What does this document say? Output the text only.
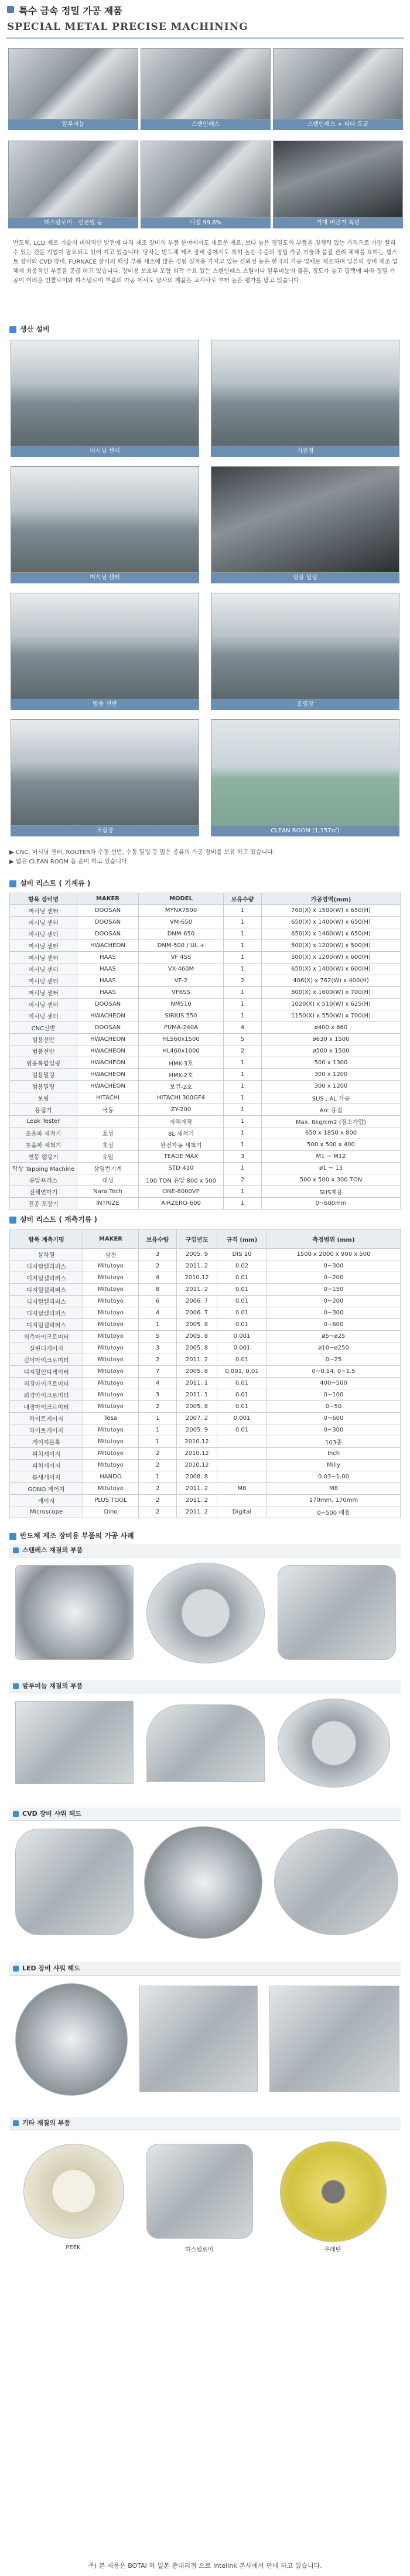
특수 금속 정밀 가공 제품
SPECIAL METAL PRECISE MACHINING
알루미늄	스텐인레스	스텐인레스 + 티타 도금
테스탈로이 - 인콘넬 등	니켈 99.6%	거대 버금거 폭넘
반도체, LCD 제조 기술의 비약적인 발전에 따라 제조 장비의 부품 분야에서도 새로운 재료, 보다 높은 정밀도의 부품을 경쟁력 있는 가격으로 가장 빨리 수 있는 전문 기업이 필요되고 있어 지고 있습니다. 당사는 반도체 제조 장비 중에서도 특히 높은 수준의 정밀 가공 기술과 품질 관리 체제를 요하는 챔스트 장비와 CVD 장비, FURNACE 장비의 핵심 부품 제조에 많은 경험 실적을 가지고 있는 신뢰성 높은 한국의 가공 업체로 제조하며 일본의 장비 제조 업체에 최종적인 부품을 공급 하고 있습니다. 장비용 보호부 포함 외곽 수요 있는 스텐인레스 스틸이나 알루미늄의 물론, 정도가 높고 광택에 따라 정밀 가공이 어려운 인콜로이와 하스텔로이 부품의 가공 에서도 당사의 제품은 고객사로 부터 높은 평가를 받고 있습니다.
생산 설비
머시닝 센터	거공정
머시닝 센터	범용 밀링
범용 선반	조립장
조립장	CLEAN ROOM (1,157㎡)
▶ CNC, 머시닝 센터, ROUTER와 수동 선반, 수동 밀링 등 많은 종류의 가공 장비를 보유 하고 있습니다.
▶ 넓은 CLEAN ROOM 을 준비 하고 있습니다.
설비 리스트 ( 기계류 )
항목 장비명	MAKER	MODEL	보유수량	가공영역(mm)
머시닝 센터	DOOSAN	MYNX7500	1	760(X) x 1500(W) x 650(H)
머시닝 센터	DOOSAN	VM-650	1	650(X) x 1400(W) x 650(H)
머시닝 센터	DOOSAN	DNM-650	1	650(X) x 1400(W) x 650(H)
머시닝 센터	HWACHEON	DNM-500 / UL +	1	500(X) x 1200(W) x 500(H)
머시닝 센터	HAAS	VF 4SS	1	500(X) x 1200(W) x 600(H)
머시닝 센터	HAAS	VX-460M	1	650(X) x 1400(W) x 600(H)
머시닝 센터	HAAS	VF-2	2	406(X) x 762(W) x 400(H)
머시닝 센터	HAAS	VF6SS	1	800(X) x 1600(W) x 700(H)
머시닝 센터	DOOSAN	NM510	1	1020(X) x 510(W) x 625(H)
머시닝 센터	HWACHEON	SIRIUS 550	1	1150(X) x 550(W) x 700(H)
CNC선반	DOOSAN	PUMA-240A	4	ø400 x 660
범용선반	HWACHEON	HL560x1500	5	ø630 x 1500
범용선반	HWACHEON	HL460x1000	2	ø500 x 1500
범용복합밀링	HWACHEON	HMK-3호	1	500 x 1300
범용밀링	HWACHEON	HMK-2호	1	300 x 1200
범용밀링	HWACHEON	보건-2호	1	300 x 1200
보링	HITACHI	HITACHI 300GF4	1	SUS , AL 가공
용접기	극동	ZY-200	1	Arc 용접
Leak Tester		자체개작	1	Max. 8kg/cm2 (질소가압)
초음파 세척기	효성	8L 세척기	1	650 x 1850 x 800
초음파 세척기	효성	완전자동 세척기	1	500 x 500 x 400
연봉 랩핑기	유일	TEADE MAX	3	M1 ~ M12
탁상 Tapping Machine	삼영컨기계	STD-410	1	ø1 ~ 13
유압프레스	대성	100 TON 유압 800 x 500	2	500 x 500 x 300 TON
전해연마기	Nara Tech	ONE-6000VP	1	SUS제용
진공 포장기	INTRIZE	AIRZERO-600	1	0~600mm
설비 리스트 ( 계측기류 )
항목 계측기명	MAKER	보유수량	구입년도	규격 (mm)	측정범위 (mm)
삼차원	삼천	3	2005. 9	DIS 10	1500 x 2000 x 900 x 500
디지털캘리퍼스	Mitutoyo	2	2011. 2	0.02	0~300
디지털캘리퍼스	Mitutoyo	4	2010.12	0.01	0~200
디지털캘리퍼스	Mitutoyo	8	2011. 2	0.01	0~150
디지털캘리퍼스	Mitutoyo	6	2006. 7	0.01	0~200
디지털캘리퍼스	Mitutoyo	4	2006. 7	0.01	0~300
디지털캘리퍼스	Mitutoyo	1	2005. 8	0.01	0~600
외측마이크로미터	Mitutoyo	5	2005. 8	0.001	ø5~ø25
실린더게이지	Mitutoyo	3	2005. 8	0.001	ø10~ø250
깊이마이크로미터	Mitutoyo	2	2011. 2	0.01	0~25
디지털인디게이터	Mitutoyo	7	2005. 8	0.001, 0.01	0~0.14, 0~1.5
외경마이크로미터	Mitutoyo	4	2011. 1	0.01	400~500
외경마이크로미터	Mitutoyo	3	2011. 1	0.01	0~100
내경마이크로미터	Mitutoyo	2	2005. 8	0.01	0~50
하이트게이지	Tesa	1	2007. 2	0.001	0~600
하이트게이지	Mitutoyo	1	2005. 9	0.01	0~300
게이지블록	Mitutoyo	1	2010.12		103종
피치게이지	Mitutoyo	2	2010.12		Inch
피치게이지	Mitutoyo	2	2010.12		Milly
틈새게이지	HANDO	1	2008. 8		0.03~1.00
GONO 게이지	Mitutoyo	2	2011. 2	M8	M8
게이지	PLUS TOOL	2	2011. 2		170mm, 170mm
Microscope	Dino	2	2011. 2	Digital	0~500 배율
반도체 제조 장비용 부품의 가공 사례
스텐레스 재질의 부품
알루미늄 재질의 부품
CVD 장비 샤워 헤드
LED 장비 샤워 헤드
기타 재질의 부품
PEEK	하스텔로이	우레탄
주) 본 제품은 BOTAI 와 일본 총대리점 으로 Intelink 본사에서 판매 하고 있습니다.
